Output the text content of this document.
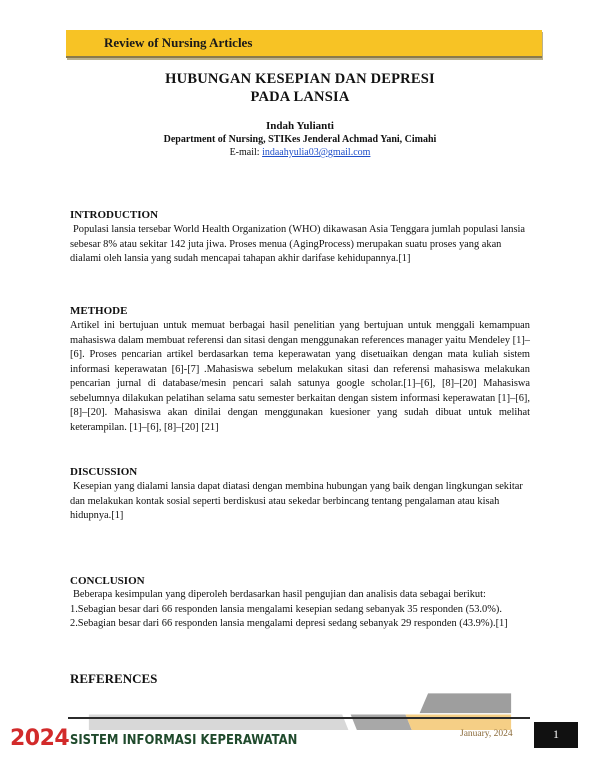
Review of Nursing Articles
HUBUNGAN KESEPIAN DAN DEPRESI
PADA LANSIA
Indah Yulianti
Department of Nursing, STIKes Jenderal Achmad Yani, Cimahi
E-mail: indaahyulia03@gmail.com
INTRODUCTION
Populasi lansia tersebar World Health Organization (WHO) dikawasan Asia Tenggara jumlah populasi lansia sebesar 8% atau sekitar 142 juta jiwa. Proses menua (AgingProcess) merupakan suatu proses yang akan dialami oleh lansia yang sudah mencapai tahapan akhir darifase kehidupannya.[1]
METHODE
Artikel ini bertujuan untuk memuat berbagai hasil penelitian yang bertujuan untuk menggali kemampuan mahasiswa dalam membuat referensi dan sitasi dengan menggunakan references manager yaitu Mendeley [1]–[6]. Proses pencarian artikel berdasarkan tema keperawatan yang disetuaikan dengan mata kuliah sistem informasi keperawatan [6]-[7] .Mahasiswa sebelum melakukan sitasi dan referensi mahasiswa melakukan pencarian jurnal di database/mesin pencari salah satunya google scholar.[1]–[6], [8]–[20] Mahasiswa sebelumnya dilakukan pelatihan selama satu semester berkaitan dengan sistem informasi keperawatan [1]–[6], [8]–[20]. Mahasiswa akan dinilai dengan menggunakan kuesioner yang sudah dibuat untuk melihat keterampilan. [1]–[6], [8]–[20] [21]
DISCUSSION
Kesepian yang dialami lansia dapat diatasi dengan membina hubungan yang baik dengan lingkungan sekitar dan melakukan kontak sosial seperti berdiskusi atau sekedar berbincang tentang pengalaman atau kisah hidupnya.[1]
CONCLUSION
Beberapa kesimpulan yang diperoleh berdasarkan hasil pengujian dan analisis data sebagai berikut: 1.Sebagian besar dari 66 responden lansia mengalami kesepian sedang sebanyak 35 responden (53.0%). 2.Sebagian besar dari 66 responden lansia mengalami depresi sedang sebanyak 29 responden (43.9%).[1]
REFERENCES
2024 SISTEM INFORMASI KEPERAWATAN	January, 2024	1
